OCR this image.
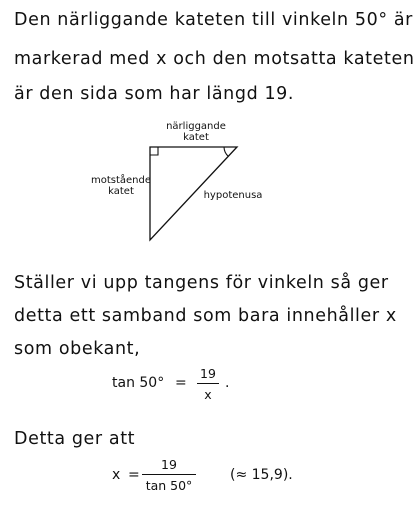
Den närliggande kateten till vinkeln 50° är
markerad med x och den motsatta kateten
är den sida som har längd 19.
närliggande
katet
motstående
katet	hypotenusa
Ställer vi upp tangens för vinkeln så ger
detta ett samband som bara innehåller x
som obekant,
tan 50° =
19
x
.
Detta ger att
x =
19
tan 50°
(≈ 15,9).
